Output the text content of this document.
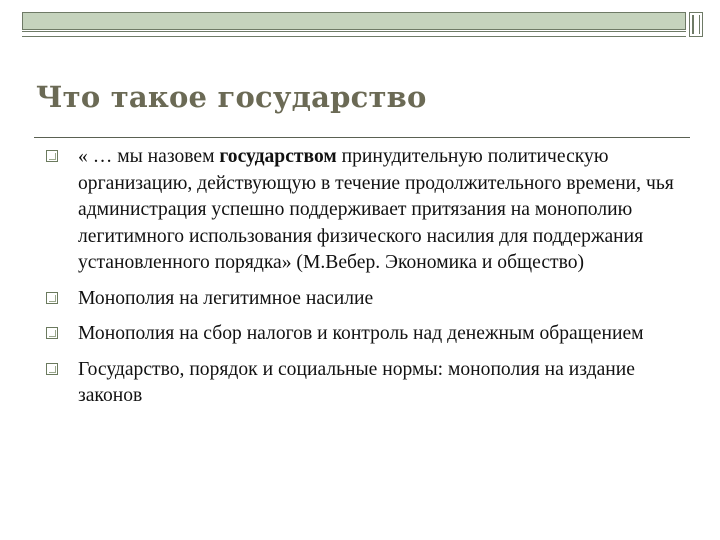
Что такое государство
« … мы назовем государством принудительную политическую организацию, действующую в течение продолжительного времени, чья администрация успешно поддерживает притязания на монополию легитимного использования физического насилия для поддержания установленного порядка» (М.Вебер. Экономика и общество)
Монополия на легитимное насилие
Монополия на сбор налогов и контроль над денежным обращением
Государство, порядок и социальные нормы: монополия на издание законов
